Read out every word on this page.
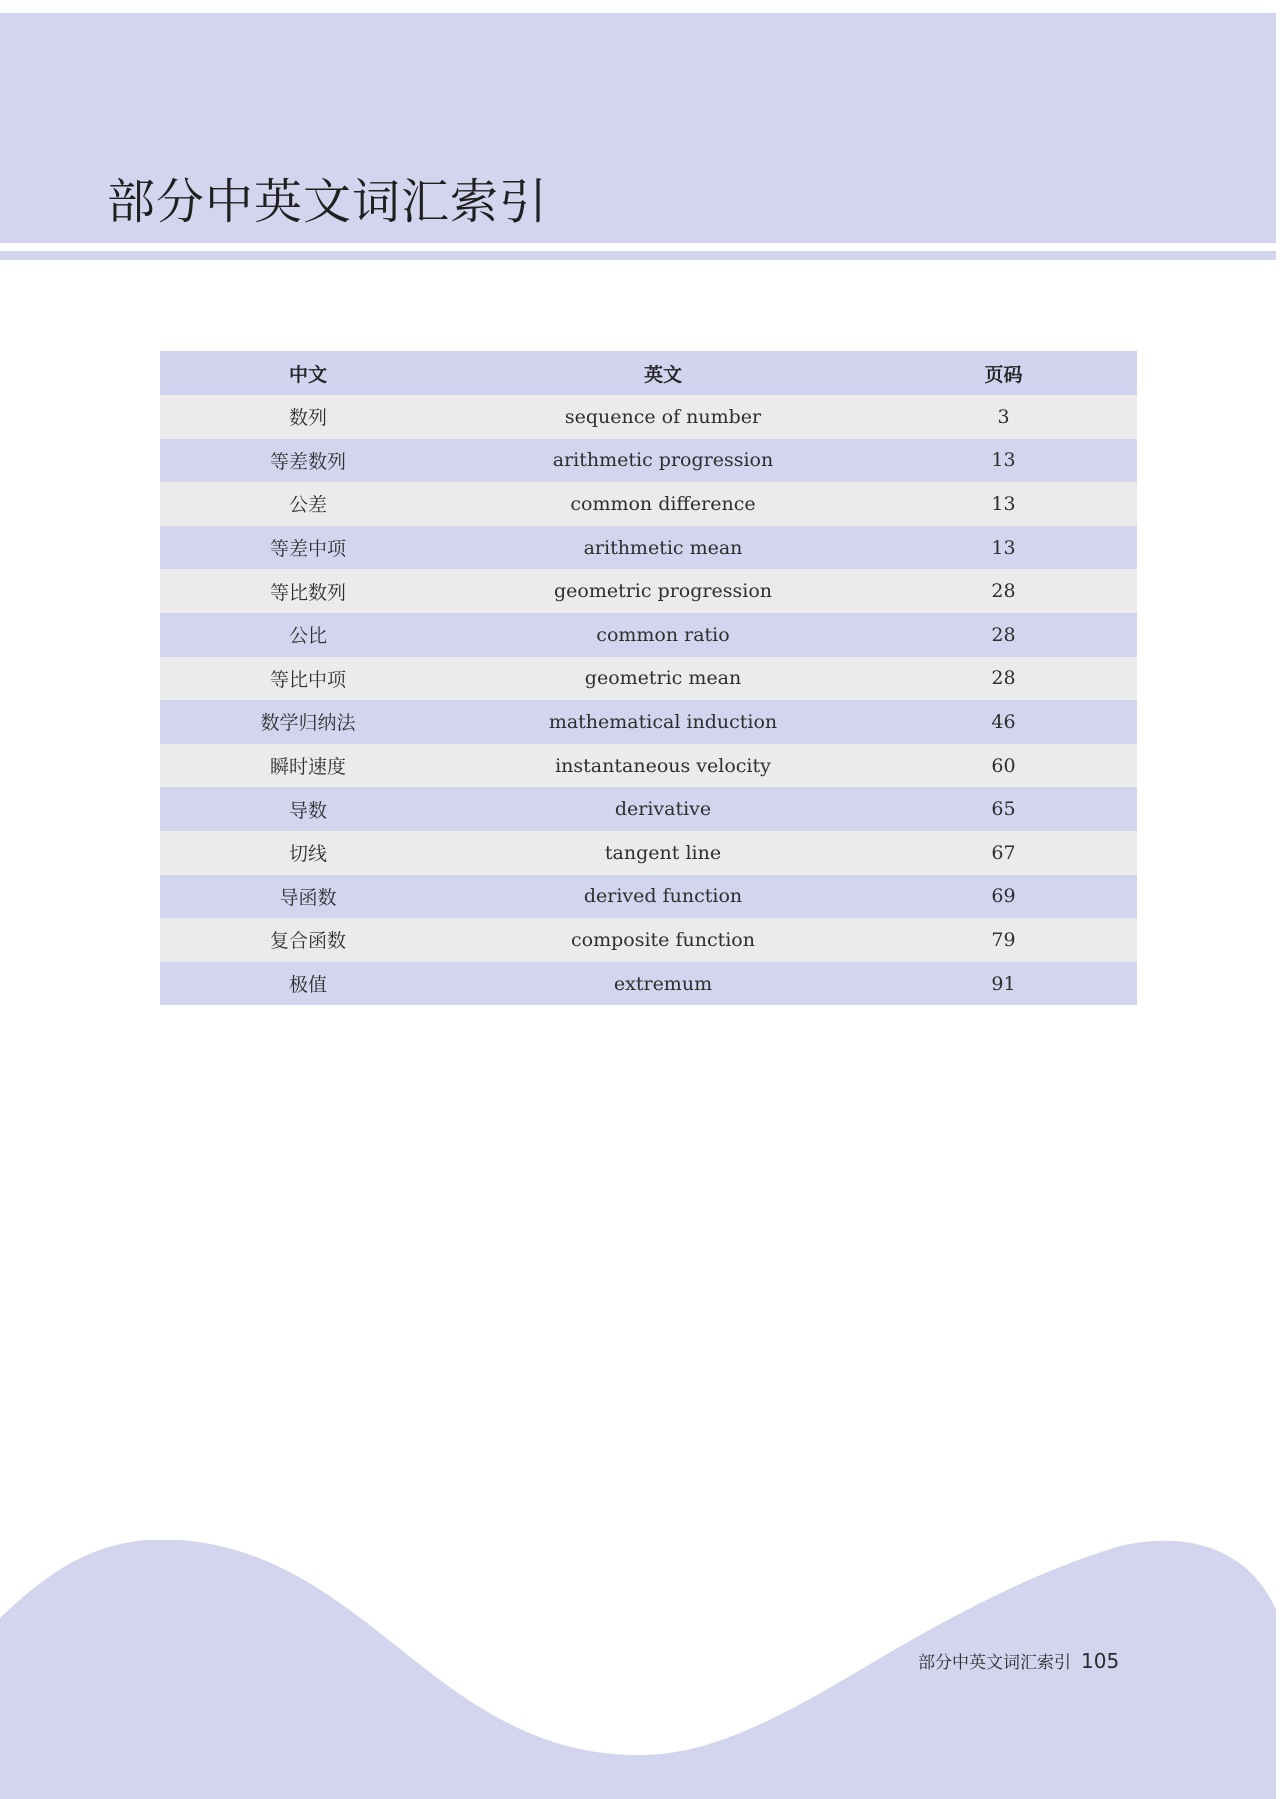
部分中英文词汇索引
中文	英文	页码
数列	sequence of number	3
等差数列	arithmetic progression	13
公差	common difference	13
等差中项	arithmetic mean	13
等比数列	geometric progression	28
公比	common ratio	28
等比中项	geometric mean	28
数学归纳法	mathematical induction	46
瞬时速度	instantaneous velocity	60
导数	derivative	65
切线	tangent line	67
导函数	derived function	69
复合函数	composite function	79
极值	extremum	91
部分中英文词汇索引 105
